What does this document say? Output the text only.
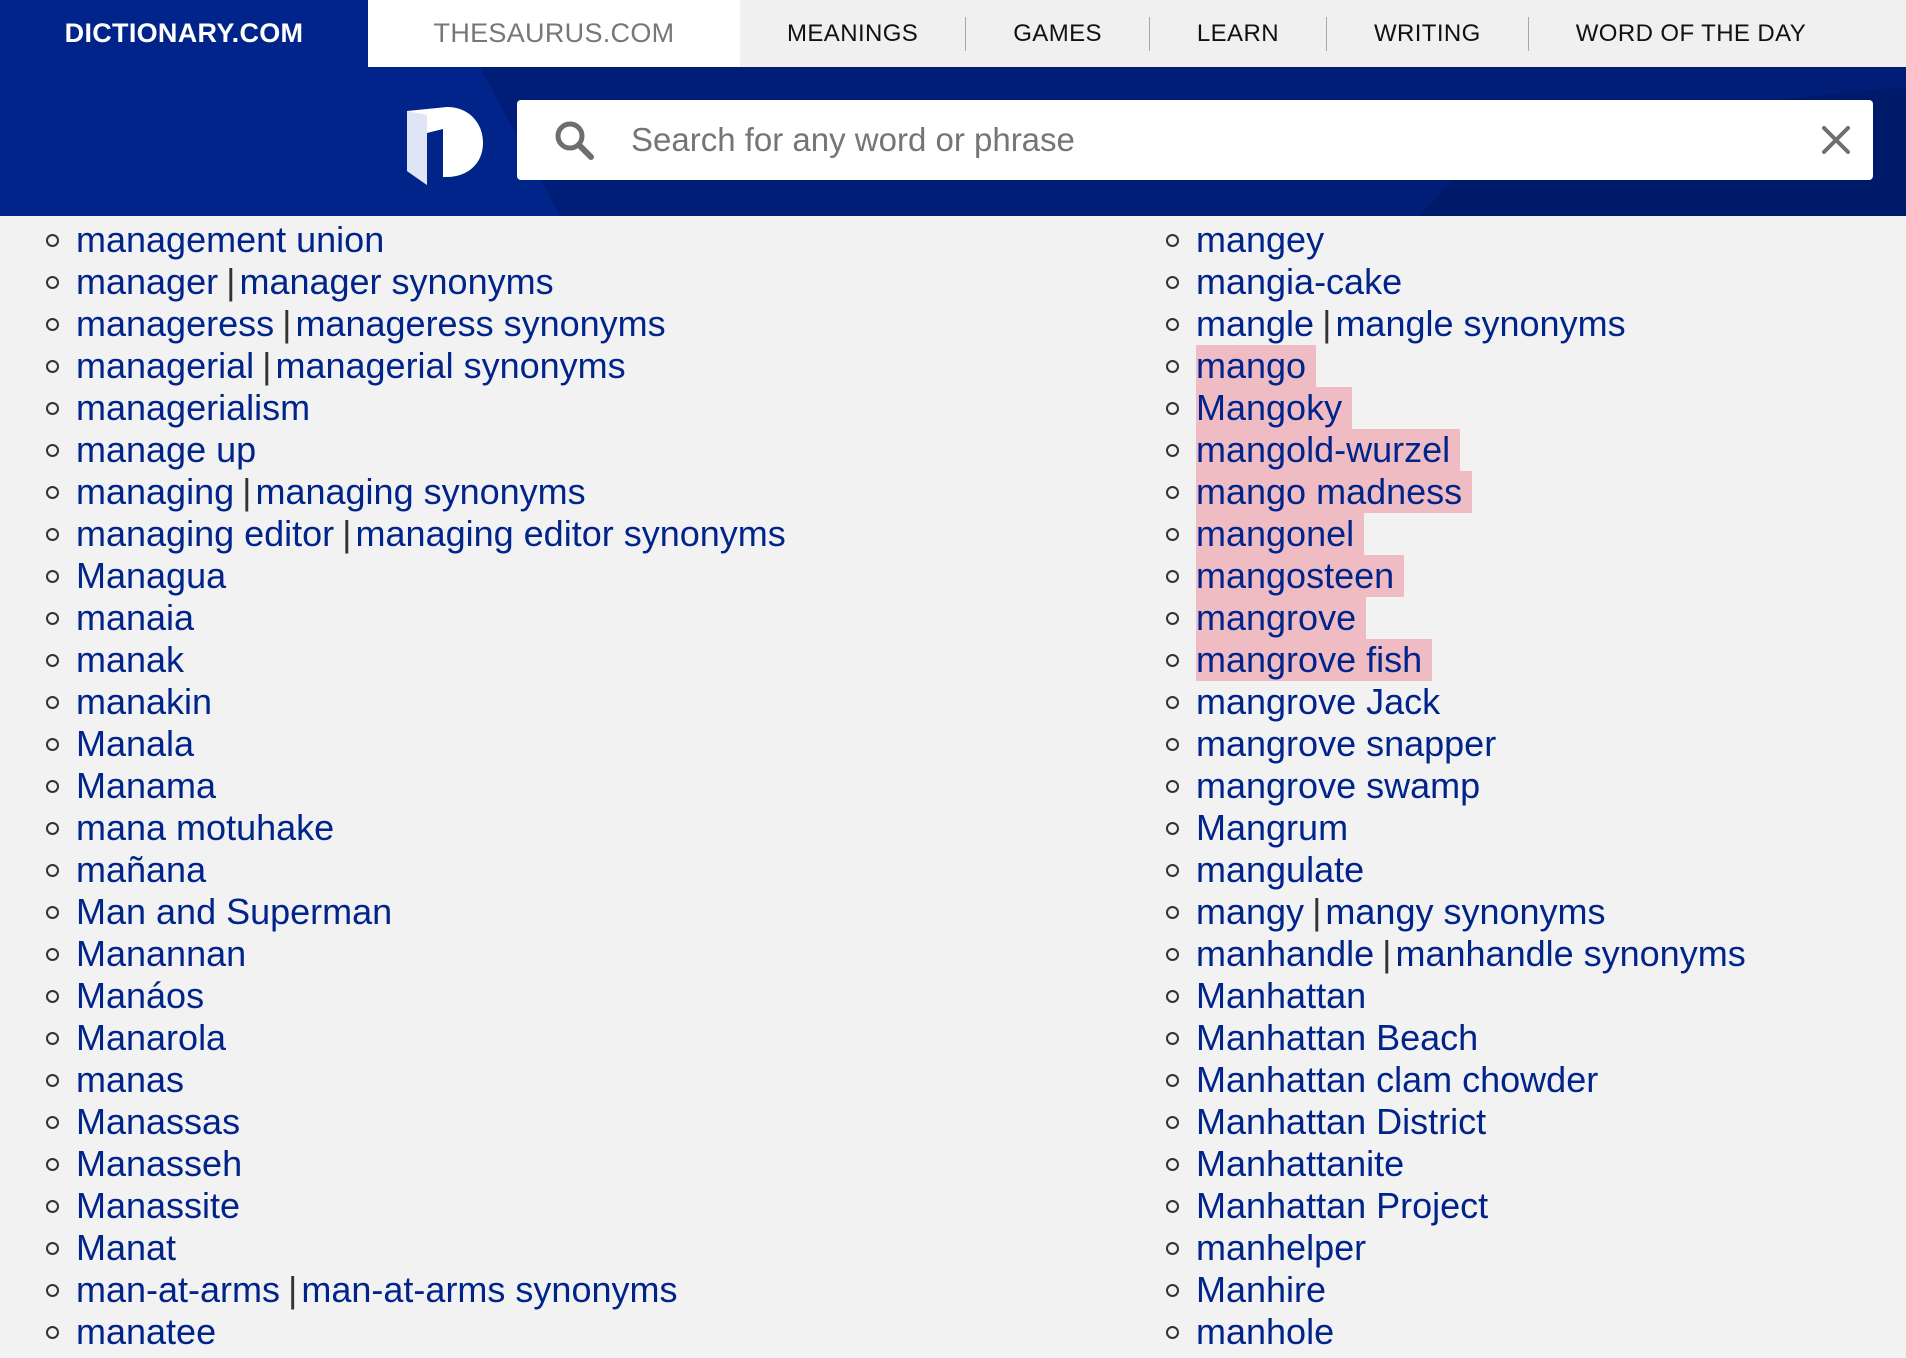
DICTIONARY.COM	THESAURUS.COM	MEANINGS	GAMES	LEARN	WRITING	WORD OF THE DAY
Search for any word or phrase
management union
manager | manager synonyms
manageress | manageress synonyms
managerial | managerial synonyms
managerialism
manage up
managing | managing synonyms
managing editor | managing editor synonyms
Managua
manaia
manak
manakin
Manala
Manama
mana motuhake
mañana
Man and Superman
Manannan
Manáos
Manarola
manas
Manassas
Manasseh
Manassite
Manat
man-at-arms | man-at-arms synonyms
manatee
mangey
mangia-cake
mangle | mangle synonyms
mango
Mangoky
mangold-wurzel
mango madness
mangonel
mangosteen
mangrove
mangrove fish
mangrove Jack
mangrove snapper
mangrove swamp
Mangrum
mangulate
mangy | mangy synonyms
manhandle | manhandle synonyms
Manhattan
Manhattan Beach
Manhattan clam chowder
Manhattan District
Manhattanite
Manhattan Project
manhelper
Manhire
manhole
